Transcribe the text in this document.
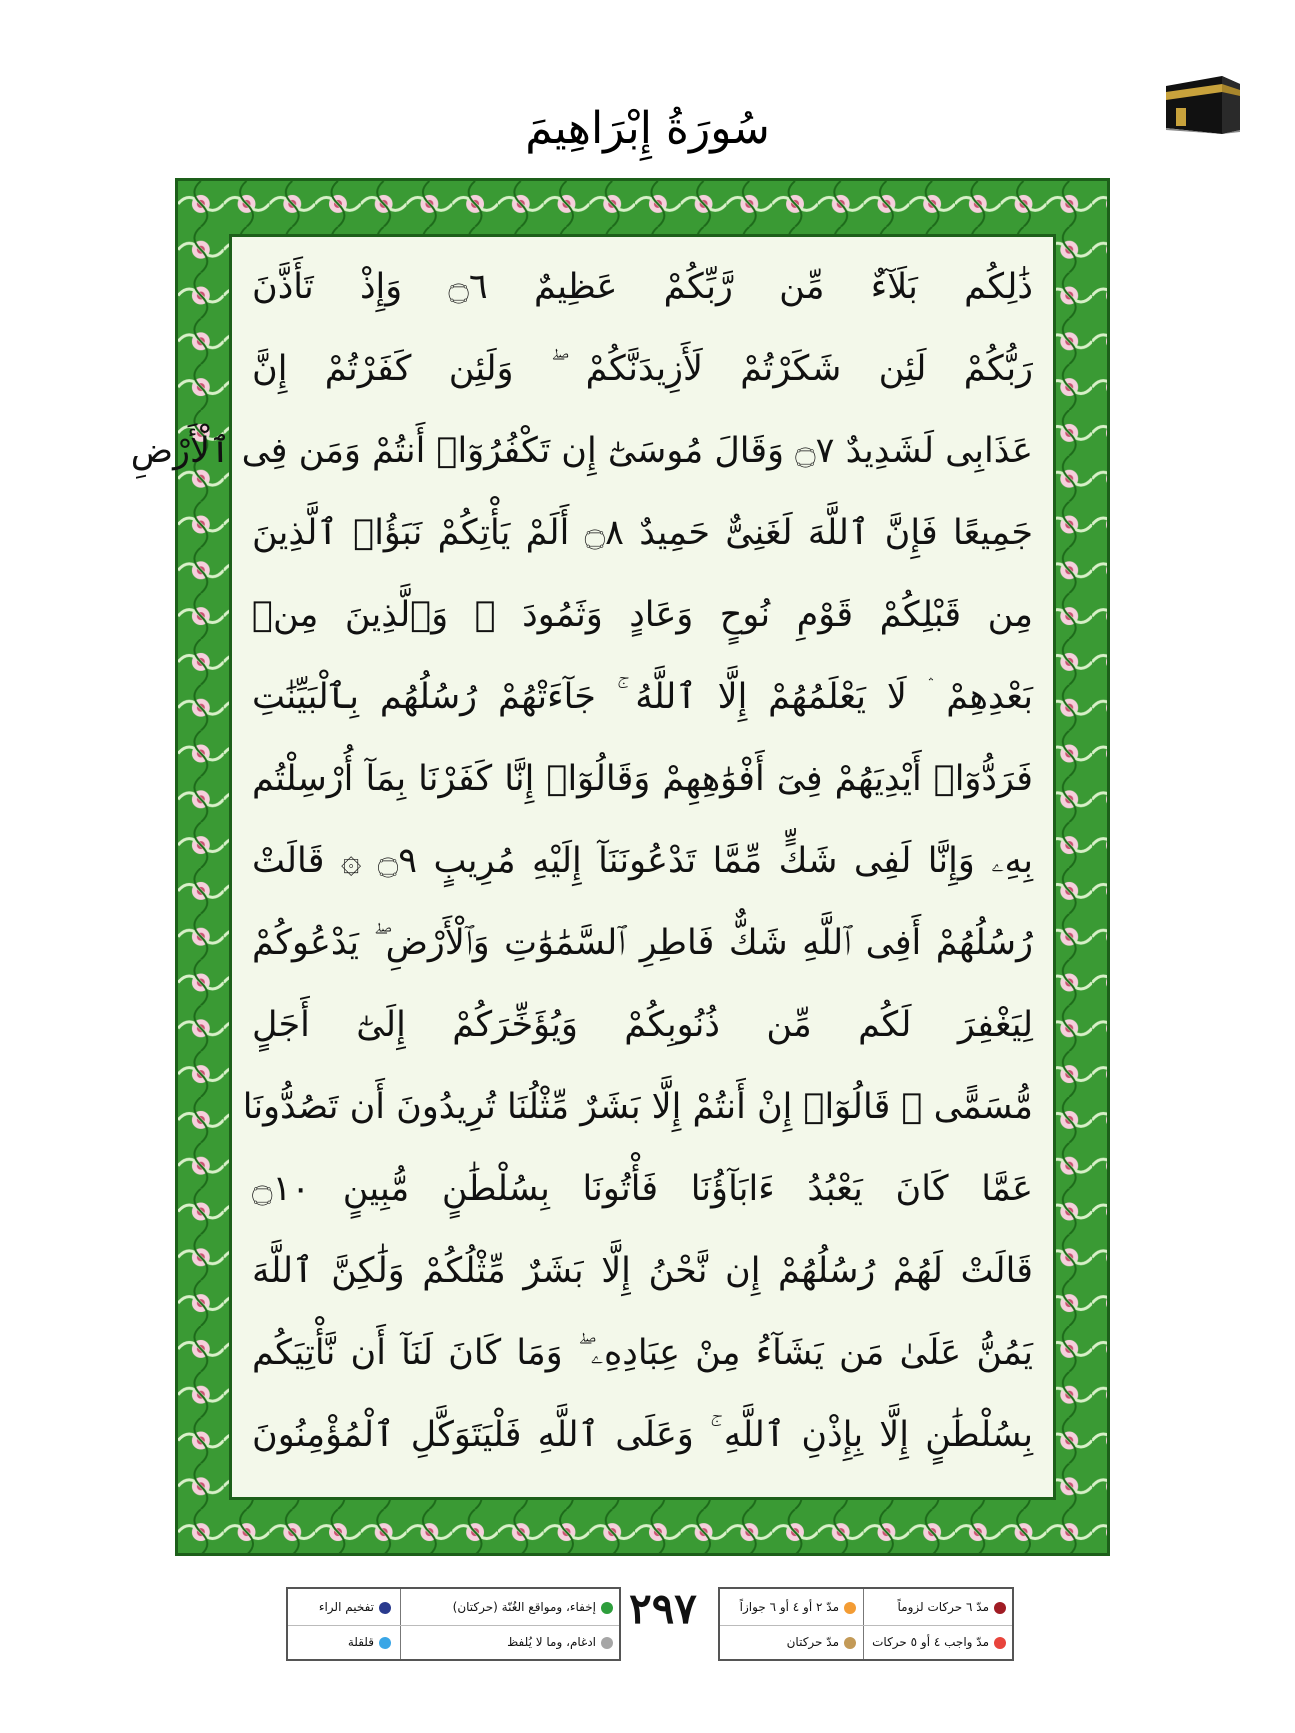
سُورَةُ إِبْرَاهِيمَ
ذَٰلِكُم بَلَآءٌ مِّن رَّبِّكُمْ عَظِيمٌ ۝٦ وَإِذْ تَأَذَّنَ
رَبُّكُمْ لَئِن شَكَرْتُمْ لَأَزِيدَنَّكُمْ ۖ وَلَئِن كَفَرْتُمْ إِنَّ
عَذَابِى لَشَدِيدٌ ۝٧ وَقَالَ مُوسَىٰٓ إِن تَكْفُرُوٓا۟ أَنتُمْ وَمَن فِى ٱلْأَرْضِ
جَمِيعًا فَإِنَّ ٱللَّهَ لَغَنِىٌّ حَمِيدٌ ۝٨ أَلَمْ يَأْتِكُمْ نَبَؤُا۟ ٱلَّذِينَ
مِن قَبْلِكُمْ قَوْمِ نُوحٍ وَعَادٍ وَثَمُودَ ۛ وَٱلَّذِينَ مِنۢ
بَعْدِهِمْ ۛ لَا يَعْلَمُهُمْ إِلَّا ٱللَّهُ ۚ جَآءَتْهُمْ رُسُلُهُم بِٱلْبَيِّنَٰتِ
فَرَدُّوٓا۟ أَيْدِيَهُمْ فِىٓ أَفْوَٰهِهِمْ وَقَالُوٓا۟ إِنَّا كَفَرْنَا بِمَآ أُرْسِلْتُم
بِهِۦ وَإِنَّا لَفِى شَكٍّ مِّمَّا تَدْعُونَنَآ إِلَيْهِ مُرِيبٍ ۝٩ ۞ قَالَتْ
رُسُلُهُمْ أَفِى ٱللَّهِ شَكٌّ فَاطِرِ ٱلسَّمَٰوَٰتِ وَٱلْأَرْضِ ۖ يَدْعُوكُمْ
لِيَغْفِرَ لَكُم مِّن ذُنُوبِكُمْ وَيُؤَخِّرَكُمْ إِلَىٰٓ أَجَلٍ
مُّسَمًّى ۚ قَالُوٓا۟ إِنْ أَنتُمْ إِلَّا بَشَرٌ مِّثْلُنَا تُرِيدُونَ أَن تَصُدُّونَا
عَمَّا كَانَ يَعْبُدُ ءَابَآؤُنَا فَأْتُونَا بِسُلْطَٰنٍ مُّبِينٍ ۝١٠
قَالَتْ لَهُمْ رُسُلُهُمْ إِن نَّحْنُ إِلَّا بَشَرٌ مِّثْلُكُمْ وَلَٰكِنَّ ٱللَّهَ
يَمُنُّ عَلَىٰ مَن يَشَآءُ مِنْ عِبَادِهِۦ ۖ وَمَا كَانَ لَنَآ أَن نَّأْتِيَكُم
بِسُلْطَٰنٍ إِلَّا بِإِذْنِ ٱللَّهِ ۚ وَعَلَى ٱللَّهِ فَلْيَتَوَكَّلِ ٱلْمُؤْمِنُونَ
مدّ ٦ حركات لزوماً
مدّ ٢ أو ٤ أو ٦ جوازاً
مدّ واجب ٤ أو ٥ حركات
مدّ حركتان
٢٩٧
إخفاء، ومواقع الغُنّة (حركتان)
تفخيم الراء
ادغام، وما لا يُلفظ
قلقلة
